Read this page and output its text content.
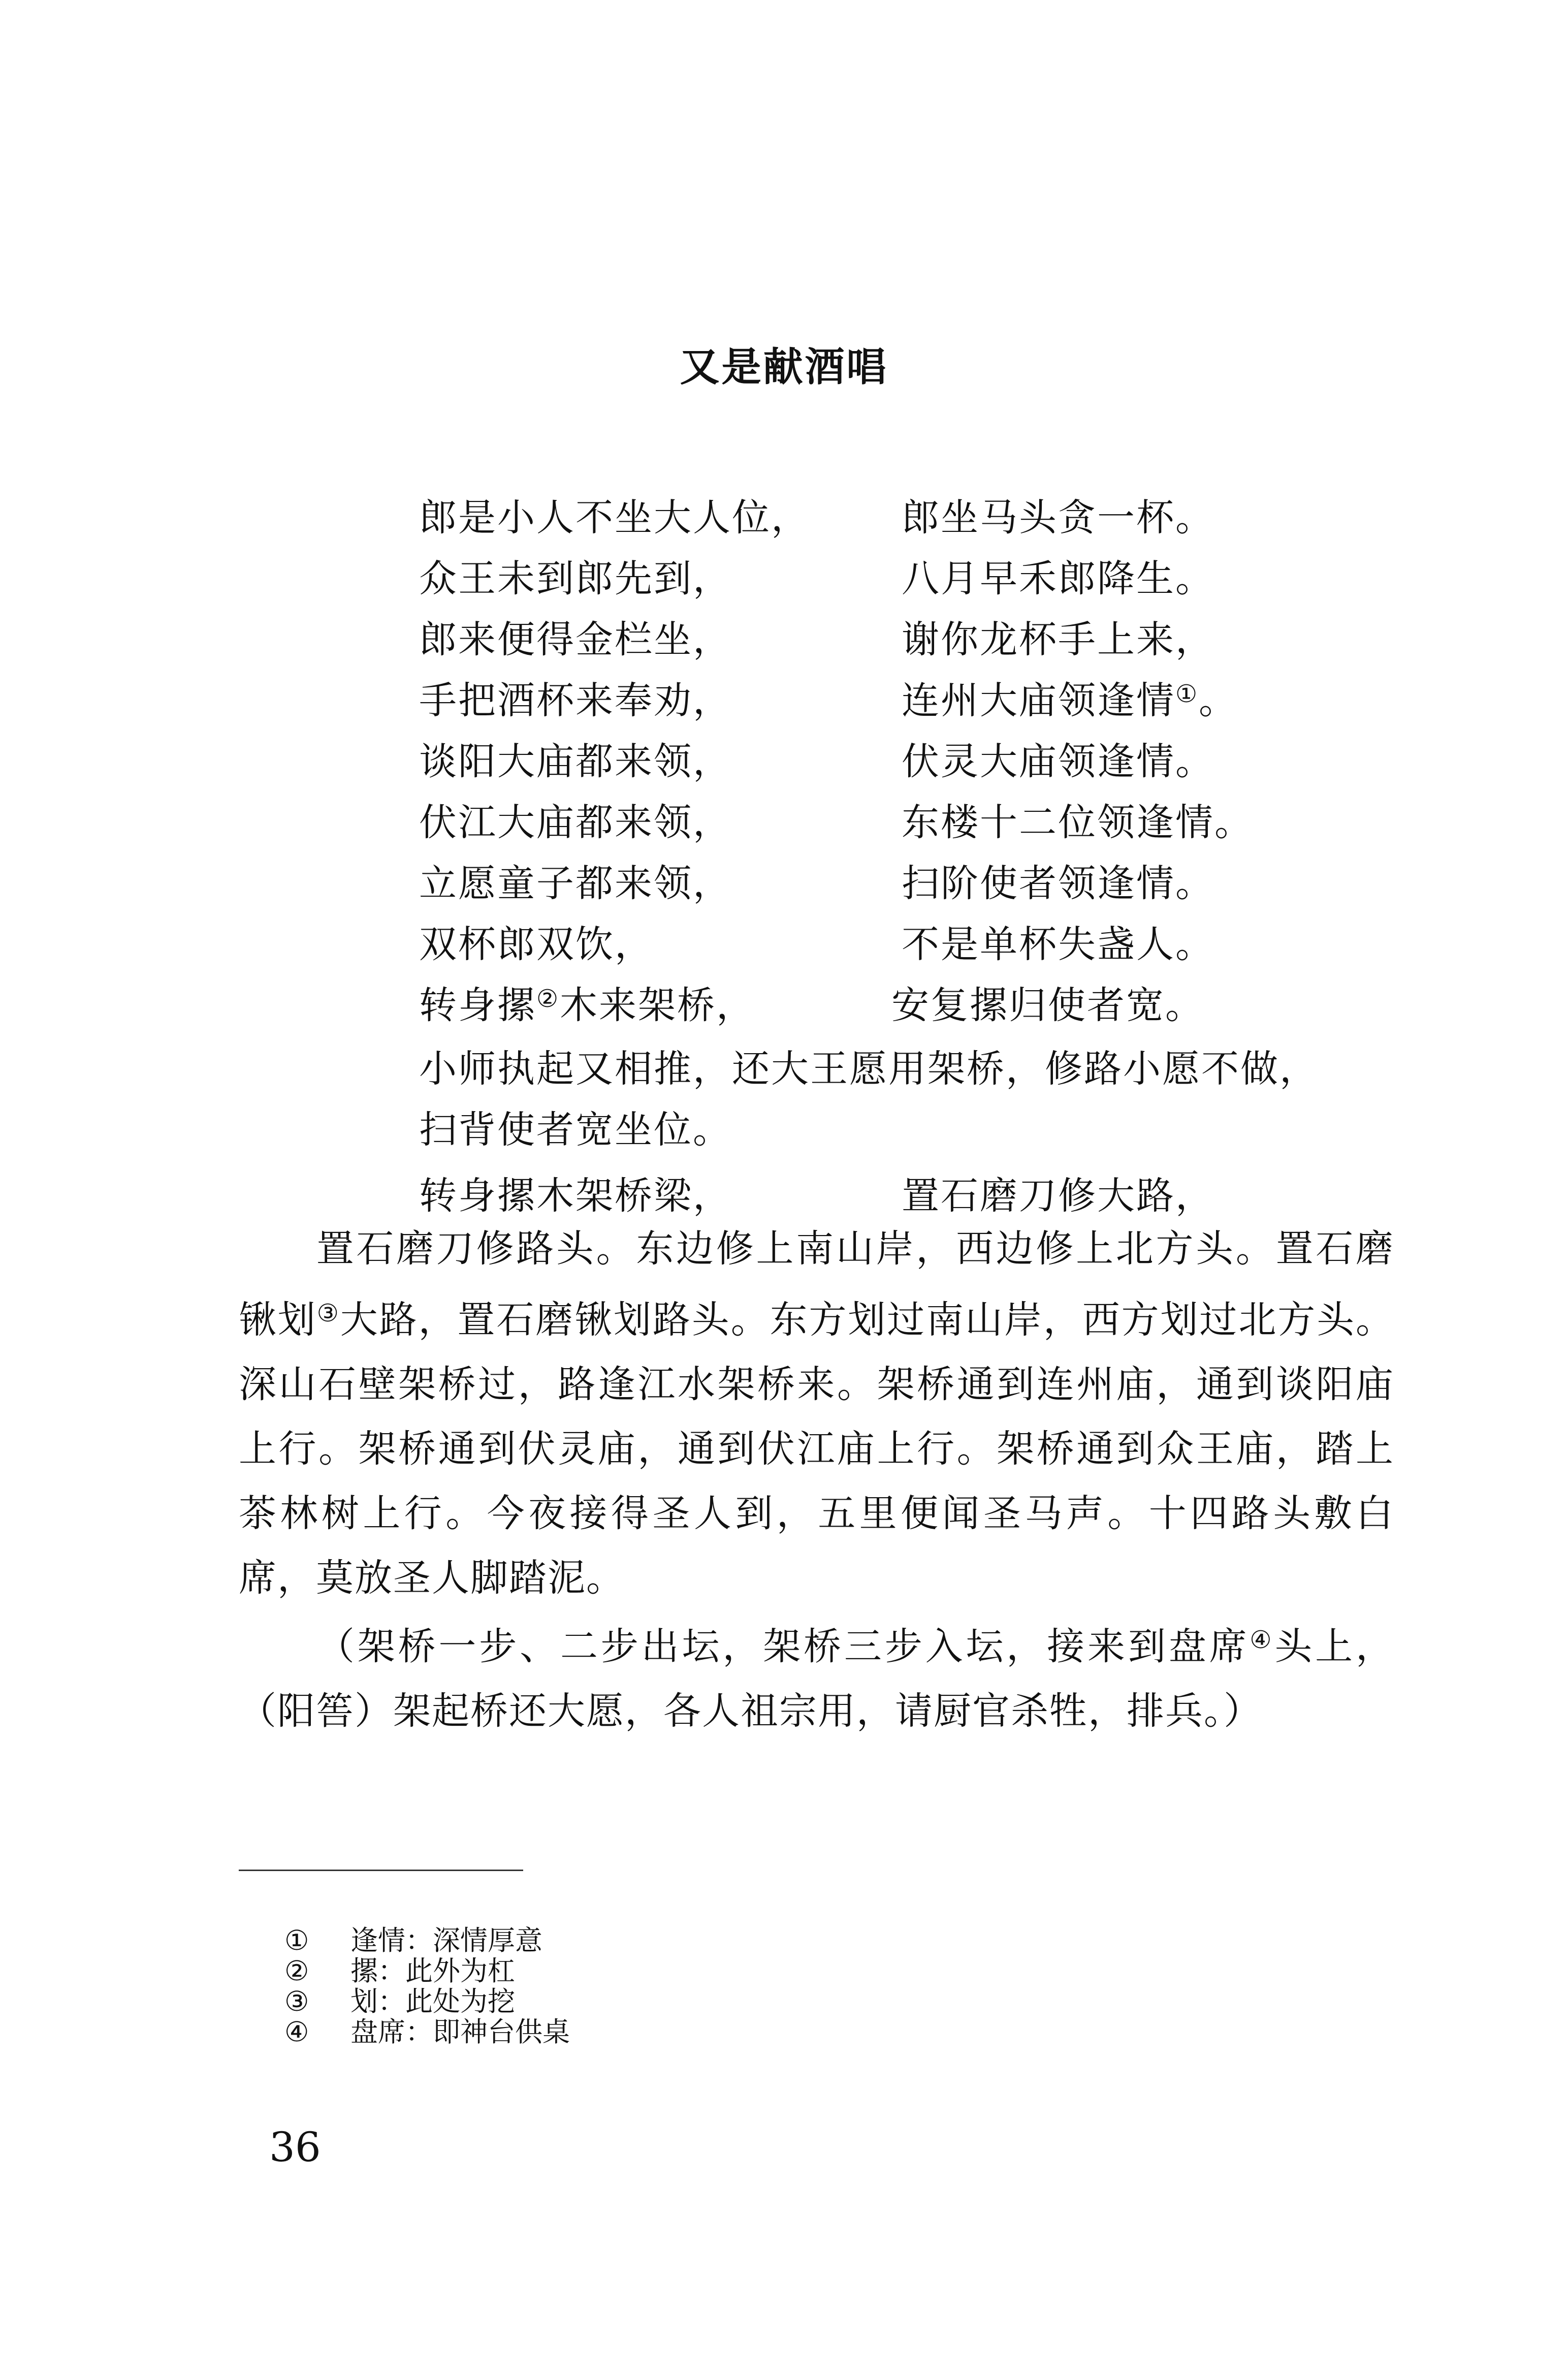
又是献酒唱
郎是小人不坐大人位， 郎坐马头贪一杯。
众王未到郎先到，	八月早禾郎降生。
郎来便得金栏坐，	谢你龙杯手上来，
手把酒杯来奉劝，	连州大庙领逢情①。
谈阳大庙都来领，	伏灵大庙领逢情。
伏江大庙都来领，	东楼十二位领逢情。
立愿童子都来领，	扫阶使者领逢情。
双杯郎双饮，	不是单杯失盏人。
转身摞②木来架桥，	安复摞归使者宽。
小师执起又相推，还大王愿用架桥，修路小愿不做，
扫背使者宽坐位。
转身摞木架桥梁，	置石磨刀修大路，
置石磨刀修路头。东边修上南山岸，西边修上北方头。置石磨锹划③大路，置石磨锹划路头。东方划过南山岸，西方划过北方头。深山石壁架桥过，路逢江水架桥来。架桥通到连州庙，通到谈阳庙上行。架桥通到伏灵庙，通到伏江庙上行。架桥通到众王庙，踏上茶林树上行。今夜接得圣人到，五里便闻圣马声。十四路头敷白席，莫放圣人脚踏泥。
（架桥一步、二步出坛，架桥三步入坛，接来到盘席④头上，（阳筶）架起桥还大愿，各人祖宗用，请厨官杀牲，排兵。）
① 逢情：深情厚意
② 摞：此外为杠
③ 划：此处为挖
④ 盘席：即神台供桌
36
